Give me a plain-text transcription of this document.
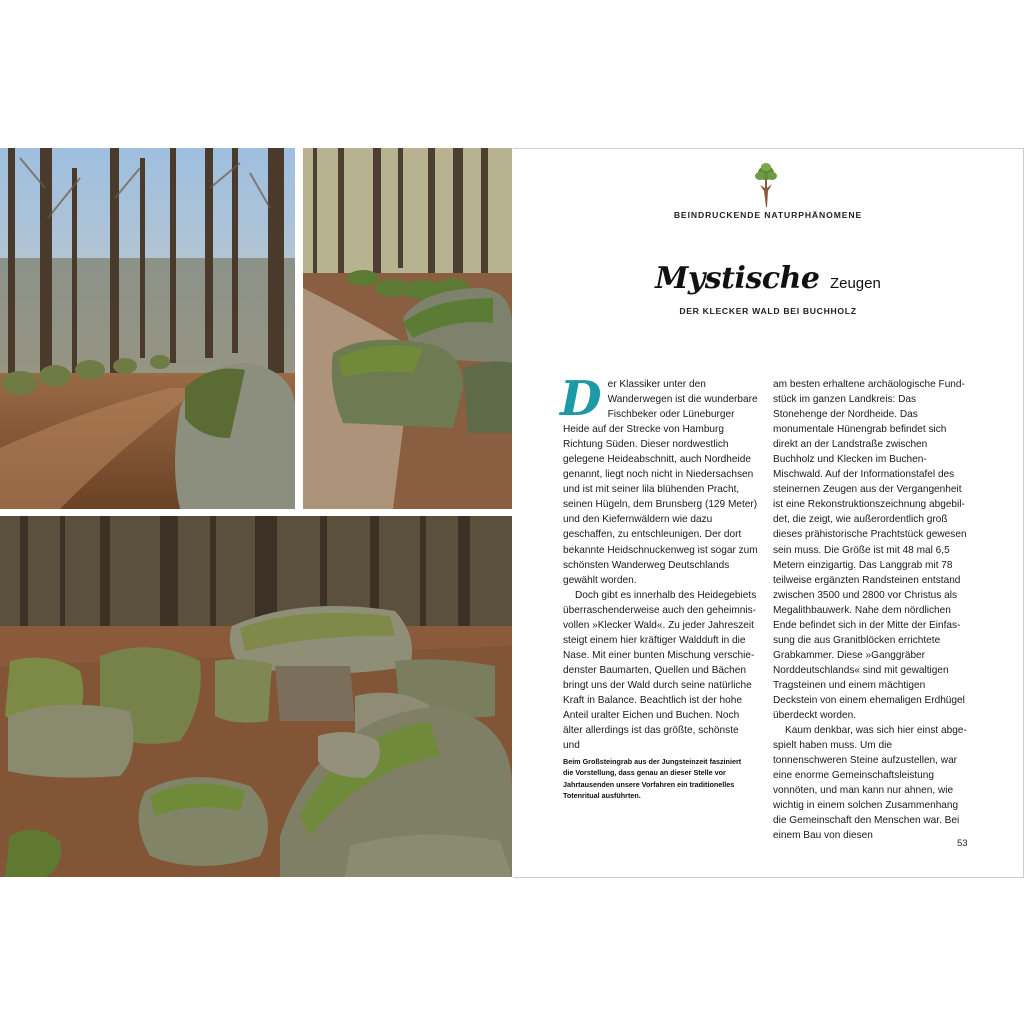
BEINDRUCKENDE NATURPHÄNOMENE
Mystische Zeugen
DER KLECKER WALD BEI BUCHHOLZ

Der Klassiker unter den Wanderwegen ist die wunderbare Fischbeker oder Lüneburger Heide auf der Strecke von Hamburg Richtung Süden. Dieser nordwestlich gelegene Heideabschnitt, auch Nordheide genannt, liegt noch nicht in Niedersachsen und ist mit seiner lila blühenden Pracht, seinen Hügeln, dem Brunsberg (129 Meter) und den Kiefernwäldern wie dazu geschaffen, zu entschleunigen. Der dort bekannte Heidschnuckenweg ist sogar zum schönsten Wanderweg Deutschlands gewählt worden.

Doch gibt es innerhalb des Heidegebiets überraschenderweise auch den geheimnisvollen »Klecker Wald«. Zu jeder Jahreszeit steigt einem hier kräftiger Waldduft in die Nase. Mit einer bunten Mischung verschiedenster Baumarten, Quellen und Bächen bringt uns der Wald durch seine natürliche Kraft in Balance. Beachtlich ist der hohe Anteil uralter Eichen und Buchen. Noch älter allerdings ist das größte, schönste und

am besten erhaltene archäologische Fundstück im ganzen Landkreis: Das Stonehenge der Nordheide. Das monumentale Hünengrab befindet sich direkt an der Landstraße zwischen Buchholz und Klecken im Buchen-Mischwald. Auf der Informationstafel des steinernen Zeugen aus der Vergangenheit ist eine Rekonstruktionszeichnung abgebildet, die zeigt, wie außerordentlich groß dieses prähistorische Prachtstück gewesen sein muss. Die Größe ist mit 48 mal 6,5 Metern einzigartig. Das Langgrab mit 78 teilweise ergänzten Randsteinen entstand zwischen 3500 und 2800 vor Christus als Megalithbauwerk. Nahe dem nördlichen Ende befindet sich in der Mitte der Einfassung die aus Granitblöcken errichtete Grabkammer. Diese »Ganggräber Norddeutschlands« sind mit gewaltigen Tragsteinen und einem mächtigen Deckstein von einem ehemaligen Erdhügel überdeckt worden.

Kaum denkbar, was sich hier einst abgespielt haben muss. Um die tonnenschweren Steine aufzustellen, war eine enorme Gemeinschaftsleistung vonnöten, und man kann nur ahnen, wie wichtig in einem solchen Zusammenhang die Gemeinschaft den Menschen war. Bei einem Bau von diesen

Beim Großsteingrab aus der Jungsteinzeit fasziniert die Vorstellung, dass genau an dieser Stelle vor Jahrtausenden unsere Vorfahren ein traditionelles Totenritual ausführten.
53
